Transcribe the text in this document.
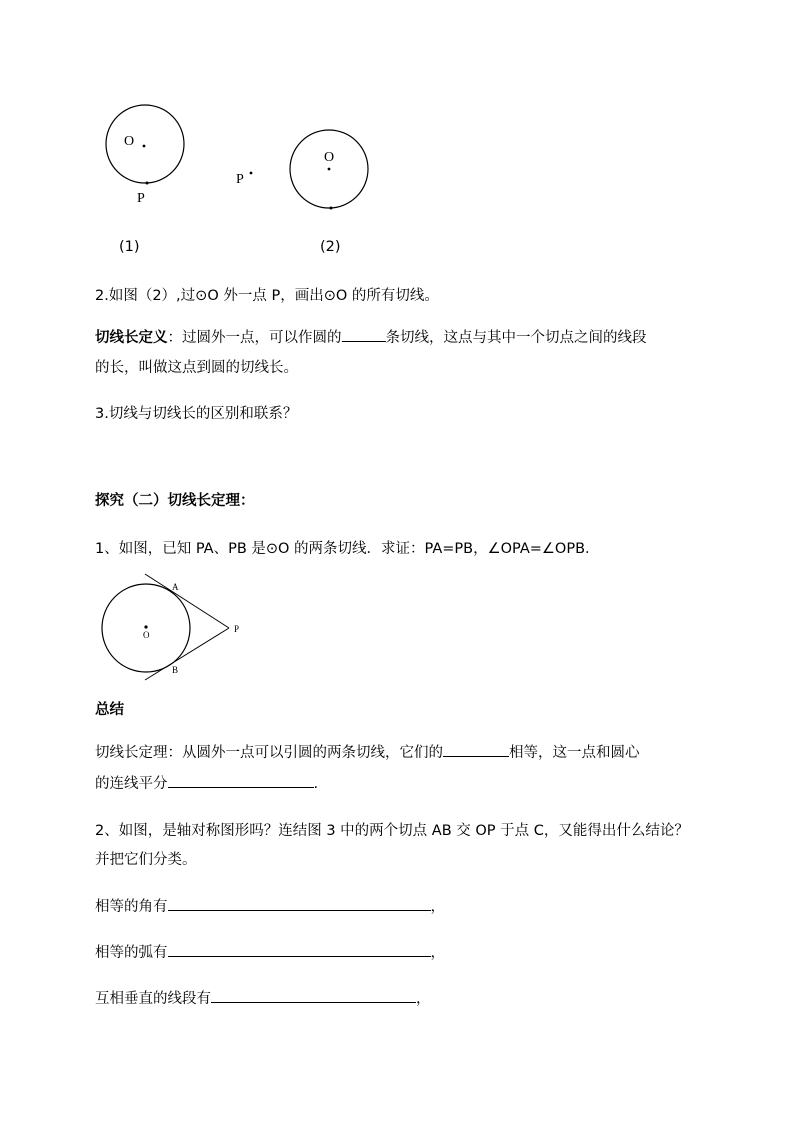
O
P
O
P
(1)	(2)
2.如图（2）,过⊙O 外一点 P，画出⊙O 的所有切线。
切线长定义：过圆外一点，可以作圆的	条切线，这点与其中一个切点之间的线段
的长，叫做这点到圆的切线长。
3.切线与切线长的区别和联系？
探究（二）切线长定理：
1、如图，已知 PA、PB 是⊙O 的两条切线．求证：PA=PB，∠OPA=∠OPB．
A
B
P
O
总结
切线长定理：从圆外一点可以引圆的两条切线，它们的	相等，这一点和圆心
的连线平分	.
2、如图，是轴对称图形吗？连结图 3 中的两个切点 AB 交 OP 于点 C，又能得出什么结论？
并把它们分类。
相等的角有	，
相等的弧有	，
互相垂直的线段有	，
